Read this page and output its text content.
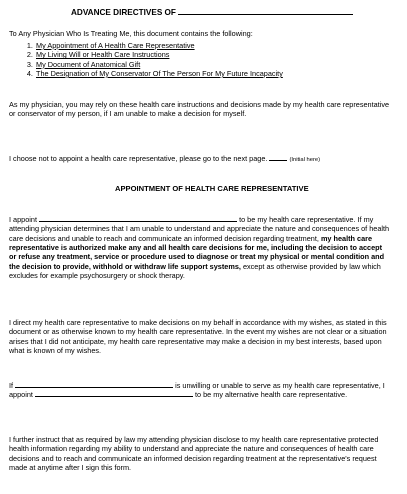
ADVANCE DIRECTIVES OF
To Any Physician Who Is Treating Me, this document contains the following:
1. My Appointment of A Health Care Representative
2. My Living Will or Health Care Instructions
3. My Document of Anatomical Gift
4. The Designation of My Conservator Of The Person For My Future Incapacity

As my physician, you may rely on these health care instructions and decisions made by my health care representative or conservator of my person, if I am unable to make a decision for myself.

I choose not to appoint a health care representative, please go to the next page.	(Initial here)

APPOINTMENT OF HEALTH CARE REPRESENTATIVE

I appoint	to be my health care representative. If my attending physician determines that I am unable to understand and appreciate the nature and consequences of health care decisions and unable to reach and communicate an informed decision regarding treatment, my health care representative is authorized make any and all health care decisions for me, including the decision to accept or refuse any treatment, service or procedure used to diagnose or treat my physical or mental condition and the decision to provide, withhold or withdraw life support systems, except as otherwise provided by law which excludes for example psychosurgery or shock therapy.

I direct my health care representative to make decisions on my behalf in accordance with my wishes, as stated in this document or as otherwise known to my health care representative. In the event my wishes are not clear or a situation arises that I did not anticipate, my health care representative may make a decision in my best interests, based upon what is known of my wishes.

If	is unwilling or unable to serve as my health care representative, I appoint	to be my alternative health care representative.

I further instruct that as required by law my attending physician disclose to my health care representative protected health information regarding my ability to understand and appreciate the nature and consequences of health care decisions and to reach and communicate an informed decision regarding treatment at the representative's request made at anytime after I sign this form.
